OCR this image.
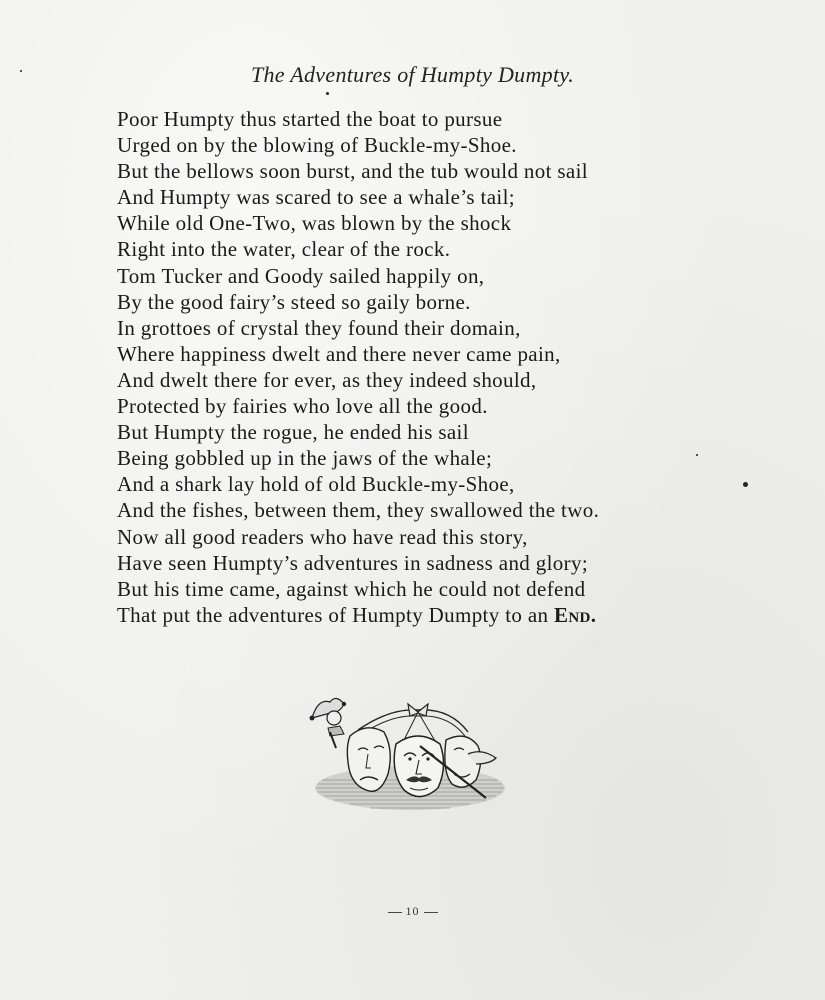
The Adventures of Humpty Dumpty.
Poor Humpty thus started the boat to pursue
Urged on by the blowing of Buckle-my-Shoe.
But the bellows soon burst, and the tub would not sail
And Humpty was scared to see a whale’s tail;
While old One-Two, was blown by the shock
Right into the water, clear of the rock.
Tom Tucker and Goody sailed happily on,
By the good fairy’s steed so gaily borne.
In grottoes of crystal they found their domain,
Where happiness dwelt and there never came pain,
And dwelt there for ever, as they indeed should,
Protected by fairies who love all the good.
But Humpty the rogue, he ended his sail
Being gobbled up in the jaws of the whale;
And a shark lay hold of old Buckle-my-Shoe,
And the fishes, between them, they swallowed the two.
Now all good readers who have read this story,
Have seen Humpty’s adventures in sadness and glory;
But his time came, against which he could not defend
That put the adventures of Humpty Dumpty to an End.
10
